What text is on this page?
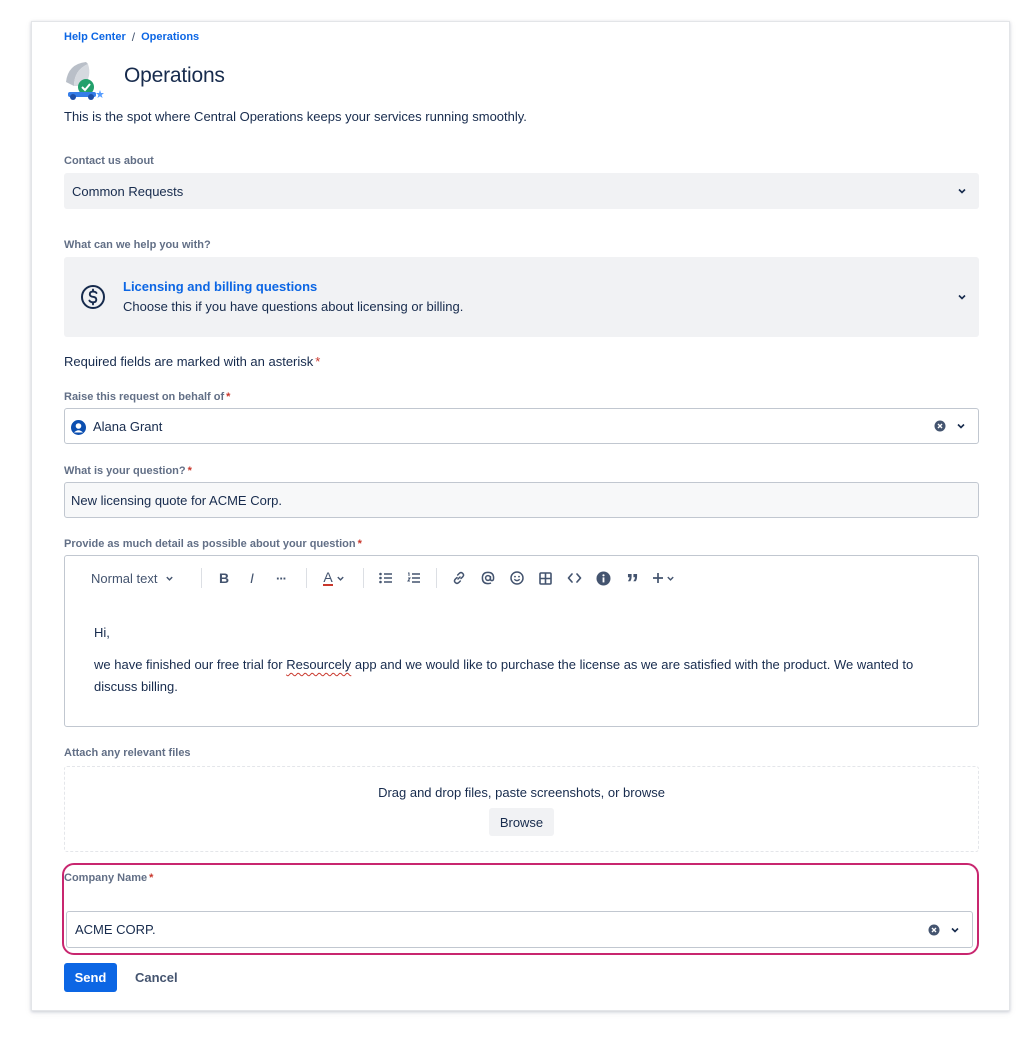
Help Center / Operations
Operations

This is the spot where Central Operations keeps your services running smoothly.

Contact us about
Common Requests
What can we help you with?
Licensing and billing questions
Choose this if you have questions about licensing or billing.
Required fields are marked with an asterisk *
Raise this request on behalf of *
Alana Grant
What is your question? *
New licensing quote for ACME Corp.
Provide as much detail as possible about your question *
Normal text	B	I	···	A	”

Hi,

we have finished our free trial for Resourcely app and we would like to purchase the license as we are satisfied with the product. We wanted to discuss billing.

Attach any relevant files
Drag and drop files, paste screenshots, or browse
Browse
Company Name *
ACME CORP.
Send	Cancel
